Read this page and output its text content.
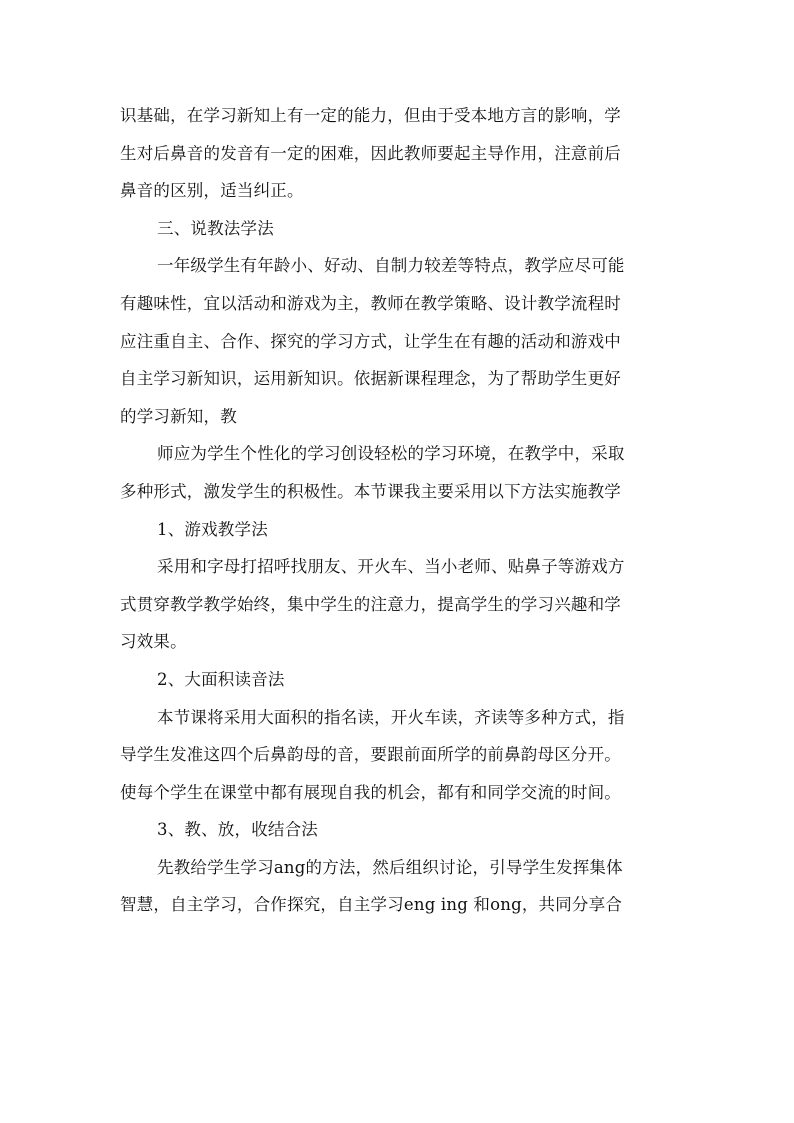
识基础，在学习新知上有一定的能力，但由于受本地方言的影响，学
生对后鼻音的发音有一定的困难，因此教师要起主导作用，注意前后
鼻音的区别，适当纠正。
三、说教法学法
一年级学生有年龄小、好动、自制力较差等特点，教学应尽可能
有趣味性，宜以活动和游戏为主，教师在教学策略、设计教学流程时
应注重自主、合作、探究的学习方式，让学生在有趣的活动和游戏中
自主学习新知识，运用新知识。依据新课程理念，为了帮助学生更好
的学习新知，教
师应为学生个性化的学习创设轻松的学习环境，在教学中，采取
多种形式，激发学生的积极性。本节课我主要采用以下方法实施教学
1、游戏教学法
采用和字母打招呼找朋友、开火车、当小老师、贴鼻子等游戏方
式贯穿教学教学始终，集中学生的注意力，提高学生的学习兴趣和学
习效果。
2、大面积读音法
本节课将采用大面积的指名读，开火车读，齐读等多种方式，指
导学生发准这四个后鼻韵母的音，要跟前面所学的前鼻韵母区分开。
使每个学生在课堂中都有展现自我的机会，都有和同学交流的时间。
3、教、放，收结合法
先教给学生学习ang的方法，然后组织讨论，引导学生发挥集体
智慧，自主学习，合作探究，自主学习eng ing 和ong，共同分享合
